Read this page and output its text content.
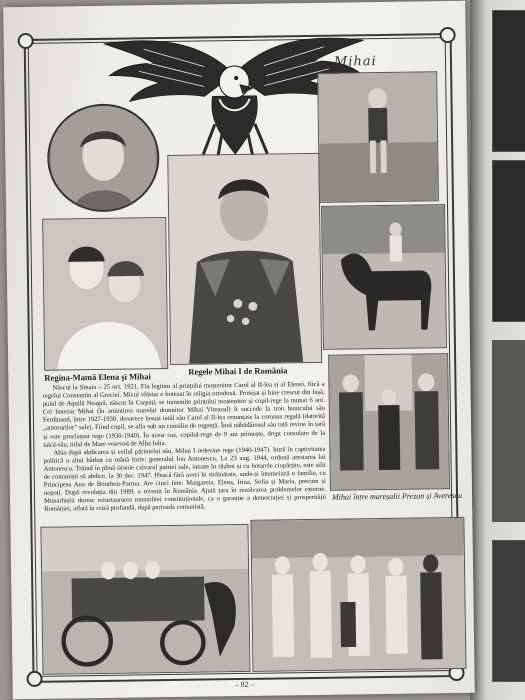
Mihai
Regina-Mamă Elena și Mihai
Regele Mihai I de România
Mihai între mareșalii Prezan și Averescu

Născut la Sinaia – 25 oct. 1921. Fiu legitim al prințului moștenitor Carol al II-lea și al Elenei, fiică a regelui Constantin al Greciei. Micul vlăstar e botezat în religia ortodoxă. Protejat și bine crescut din fașă, puiul de Aquilă Neagră, născut în Carpați, se transmite prințului moștenitor și copil-rege la numai 6 ani. Cel botezat Mihai (în amintirea marelui domnitor Mihai Viteazul) îi succede la tron bunicului său Ferdinand, între 1927-1930, deoarece însuși tatăl său Carol al II-lea renunțase la coroana regală (datorită „amorurilor” sale). Fiind copil, se afla sub un consiliu de regență. Însă năbădăiosul său tată revine în țară și este proclamat rege (1930-1940). În acest caz, copilul-rege de 9 ani primește, drept consolare de la taică-său, titlul de Mare voievod de Alba Iulia.

Abia după abdicarea și exilul părintelui său, Mihai I redevine rege (1940-1947). Intră în captivitatea politică a altui bărbat cu mână forte: generalul Ion Antonescu. La 23 aug. 1944, ordonă arestarea lui Antonescu. Trăind în plină tiranie calvarul patriei sale, intrate în război și cu hotarele ciopârțite, este silit de comuniști să abdice, la 30 dec. 1947. Pleacă fără averi în străinătate, unde-și întemeiază o familie, cu Principesa Ana de Bourbon-Parma. Are cinci fete: Margareta, Elena, Irina, Sofia și Maria, precum și nepoți. După revoluția din 1989, a revenit în România. Ajută țara în rezolvarea problemelor externe. Monarhiștii doresc reinstaurarea monarhiei constituționale, ca o garanție a democrației și prosperității României, aflată în criză profundă, după perioada comunistă.

– 82 –
